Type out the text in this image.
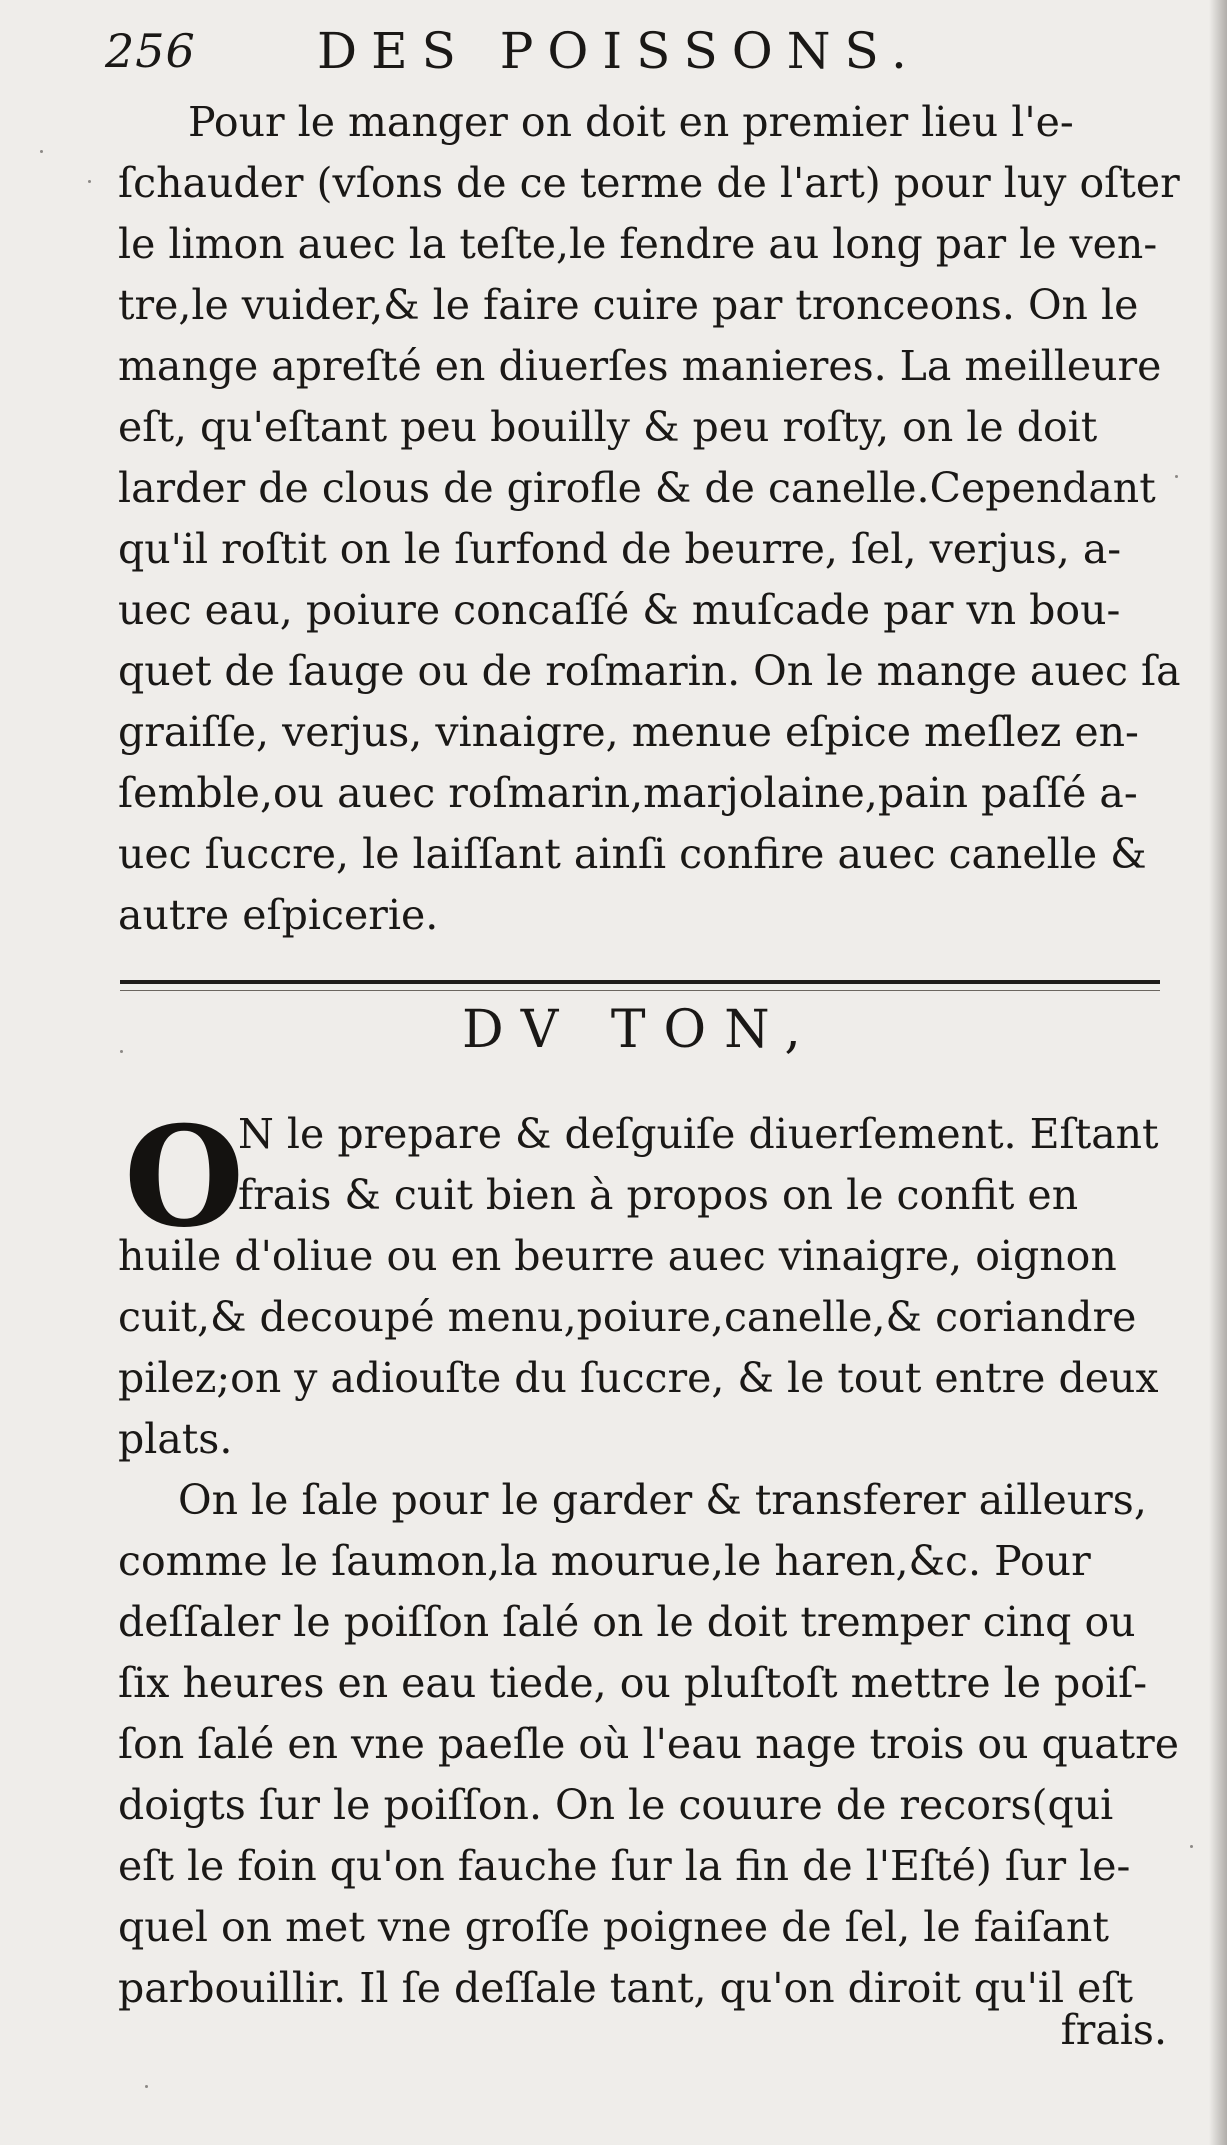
256 DES POISSONS.
Pour le manger on doit en premier lieu l'e-
ſchauder (vſons de ce terme de l'art) pour luy oſter
le limon auec la teſte,le fendre au long par le ven-
tre,le vuider,& le faire cuire par tronceons. On le
mange apreſté en diuerſes manieres. La meilleure
eſt, qu'eſtant peu bouilly & peu roſty, on le doit
larder de clous de girofle & de canelle.Cependant
qu'il roſtit on le ſurfond de beurre, ſel, verjus, a-
uec eau, poiure concaſſé & muſcade par vn bou-
quet de ſauge ou de roſmarin. On le mange auec ſa
graiſſe, verjus, vinaigre, menue eſpice meſlez en-
ſemble,ou auec roſmarin,marjolaine,pain paſſé a-
uec ſuccre, le laiſſant ainſi confire auec canelle &
autre eſpicerie.
DV TON,
O
N le prepare & deſguiſe diuerſement. Eſtant
frais & cuit bien à propos on le confit en
huile d'oliue ou en beurre auec vinaigre, oignon
cuit,& decoupé menu,poiure,canelle,& coriandre
pilez;on y adiouſte du ſuccre, & le tout entre deux
plats.
On le ſale pour le garder & transferer ailleurs,
comme le ſaumon,la mourue,le haren,&c. Pour
deſſaler le poiſſon ſalé on le doit tremper cinq ou
ſix heures en eau tiede, ou pluſtoſt mettre le poiſ-
ſon ſalé en vne paeſle où l'eau nage trois ou quatre
doigts ſur le poiſſon. On le couure de recors(qui
eſt le foin qu'on fauche ſur la fin de l'Eſté) ſur le-
quel on met vne groſſe poignee de ſel, le faiſant
parbouillir. Il ſe deſſale tant, qu'on diroit qu'il eſt
frais.
